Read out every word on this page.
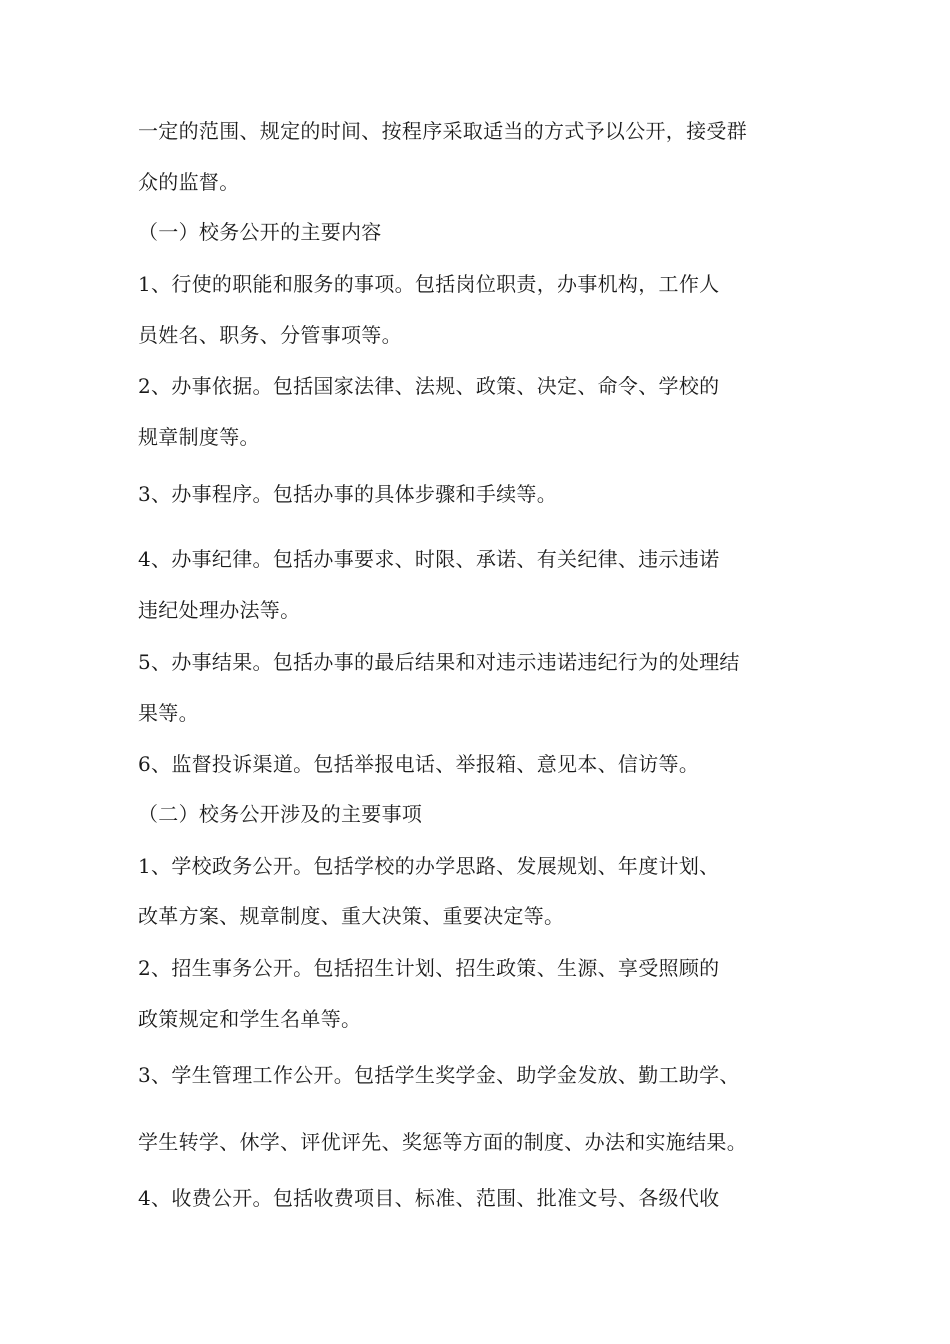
一定的范围、规定的时间、按程序采取适当的方式予以公开，接受群
众的监督。
（一）校务公开的主要内容
1、行使的职能和服务的事项。包括岗位职责，办事机构，工作人
员姓名、职务、分管事项等。
2、办事依据。包括国家法律、法规、政策、决定、命令、学校的
规章制度等。
3、办事程序。包括办事的具体步骤和手续等。
4、办事纪律。包括办事要求、时限、承诺、有关纪律、违示违诺
违纪处理办法等。
5、办事结果。包括办事的最后结果和对违示违诺违纪行为的处理结
果等。
6、监督投诉渠道。包括举报电话、举报箱、意见本、信访等。
（二）校务公开涉及的主要事项
1、学校政务公开。包括学校的办学思路、发展规划、年度计划、
改革方案、规章制度、重大决策、重要决定等。
2、招生事务公开。包括招生计划、招生政策、生源、享受照顾的
政策规定和学生名单等。
3、学生管理工作公开。包括学生奖学金、助学金发放、勤工助学、
学生转学、休学、评优评先、奖惩等方面的制度、办法和实施结果。
4、收费公开。包括收费项目、标准、范围、批准文号、各级代收
